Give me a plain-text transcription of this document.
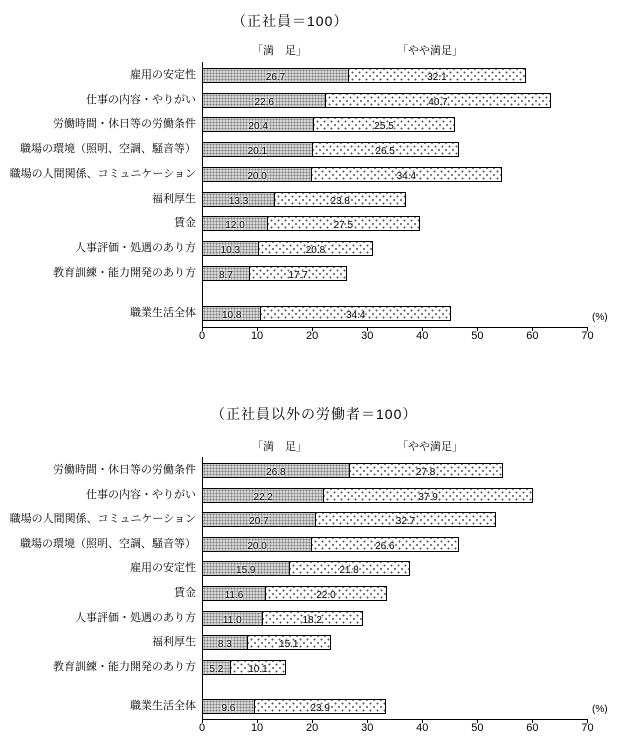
（正社員＝100）
「満　足」	「やや満足」
(%)
0	10	20	30	40	50	60	70
雇用の安定性	26.7	32.1
仕事の内容・やりがい	22.6	40.7
労働時間・休日等の労働条件	20.4	25.5
職場の環境（照明、空調、騒音等）	20.1	26.5
職場の人間関係、コミュニケーション	20.0	34.4
福利厚生	13.3	23.8
賃金	12.0	27.5
人事評価・処遇のあり方	10.3	20.8
教育訓練・能力開発のあり方	8.7	17.7
職業生活全体	10.8	34.4
（正社員以外の労働者＝100）
「満　足」	「やや満足」
(%)
0	10	20	30	40	50	60	70
労働時間・休日等の労働条件	26.8	27.8
仕事の内容・やりがい	22.2	37.9
職場の人間関係、コミュニケーション	20.7	32.7
職場の環境（照明、空調、騒音等）	20.0	26.6
雇用の安定性	15.9	21.8
賃金	11.6	22.0
人事評価・処遇のあり方	11.0	18.2
福利厚生	8.3	15.1
教育訓練・能力開発のあり方	5.2	10.1
職業生活全体	9.6	23.9
